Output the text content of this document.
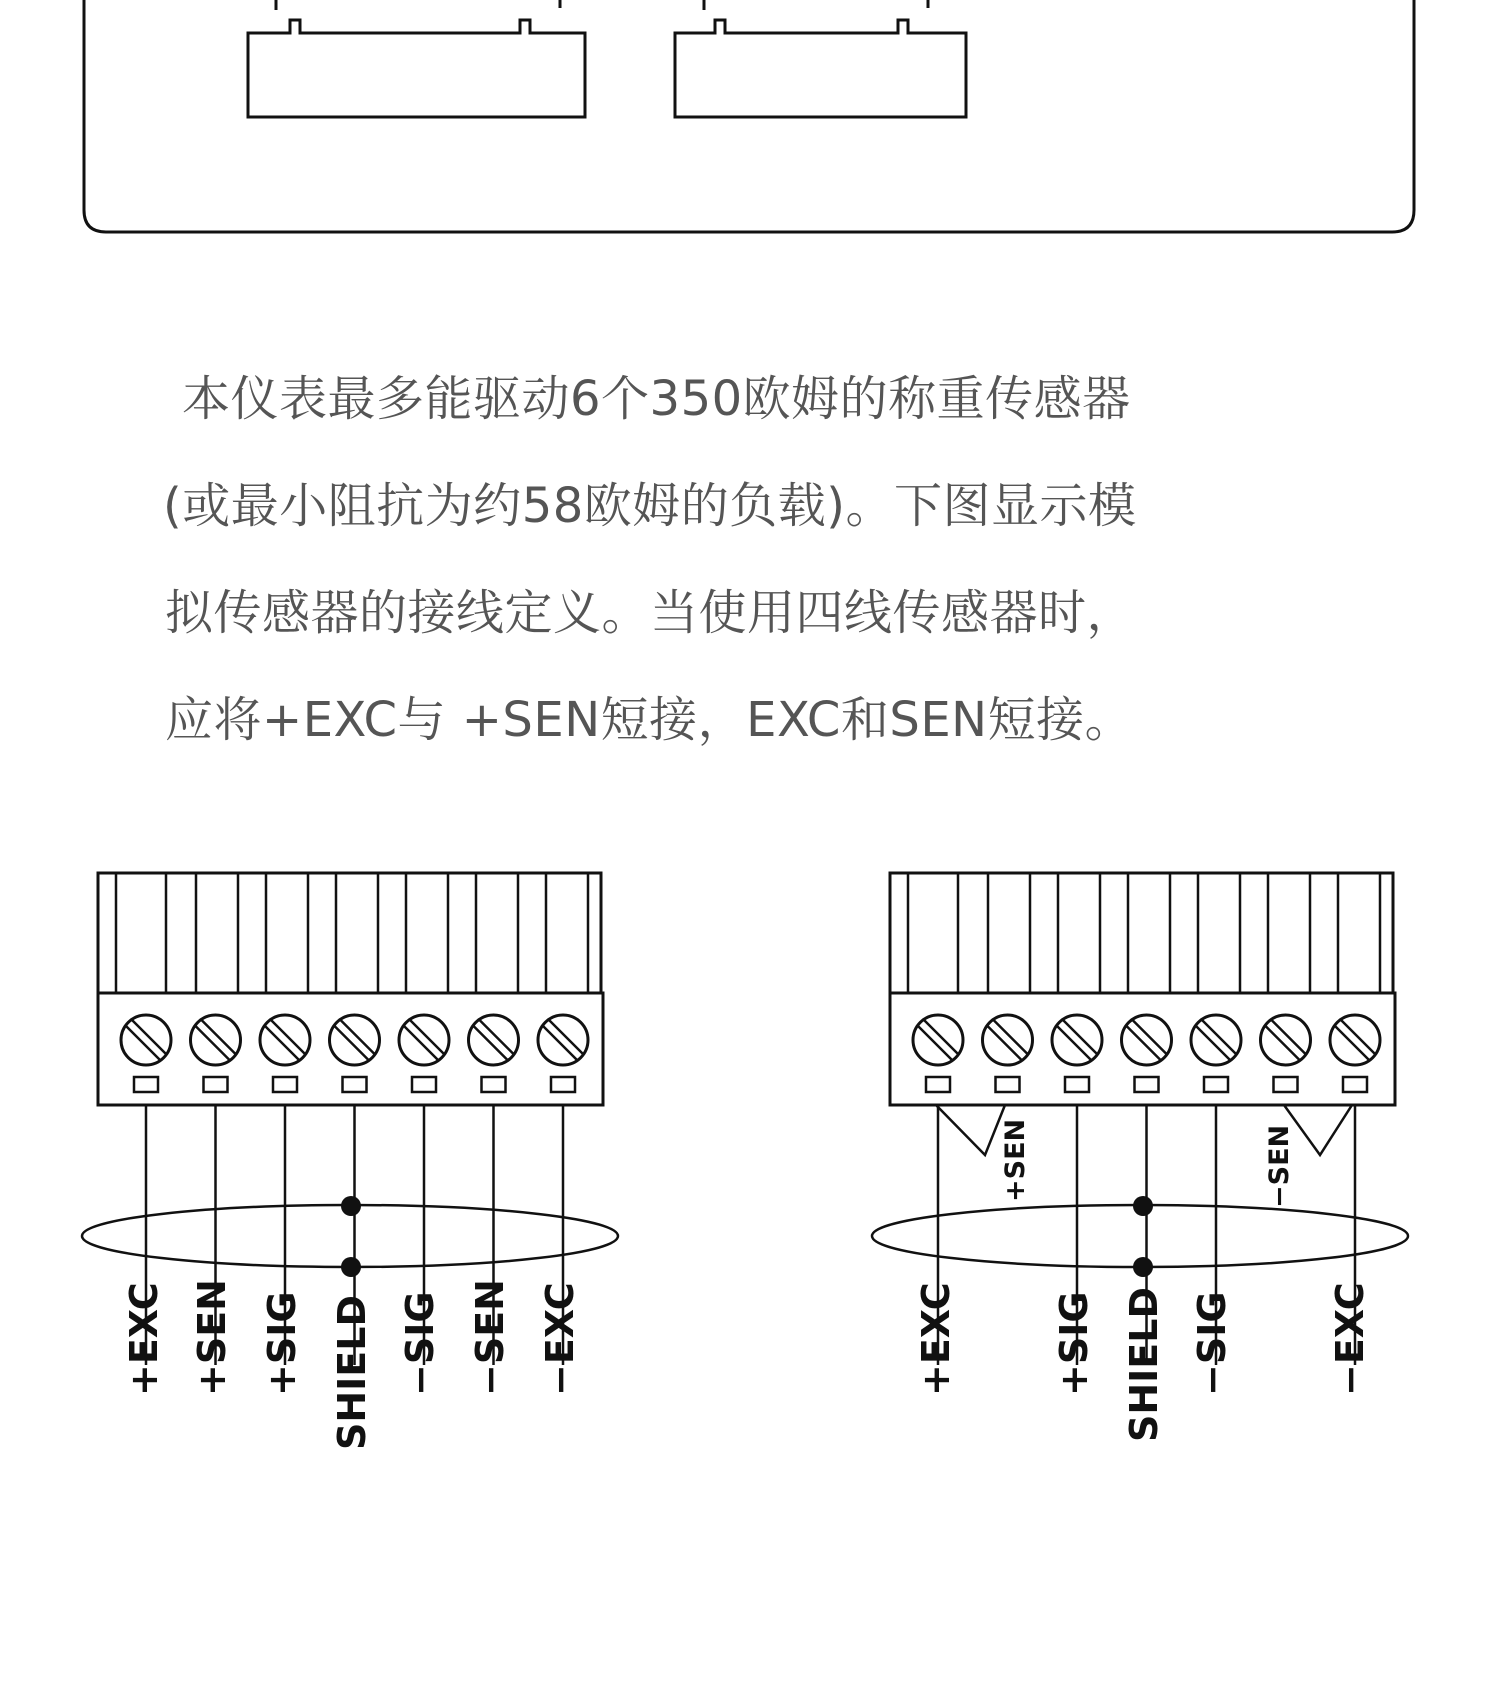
本仪表最多能驱动6个350欧姆的称重传感器
(或最小阻抗为约58欧姆的负载)。下图显示模
拟传感器的接线定义。当使用四线传感器时，
应将+EXC与 +SEN短接，EXC和SEN短接。
+EXC +SEN +SIG SHIELD −SIG −SEN −EXC
+SEN	−SEN
+EXC +SIG SHIELD −SIG −EXC
